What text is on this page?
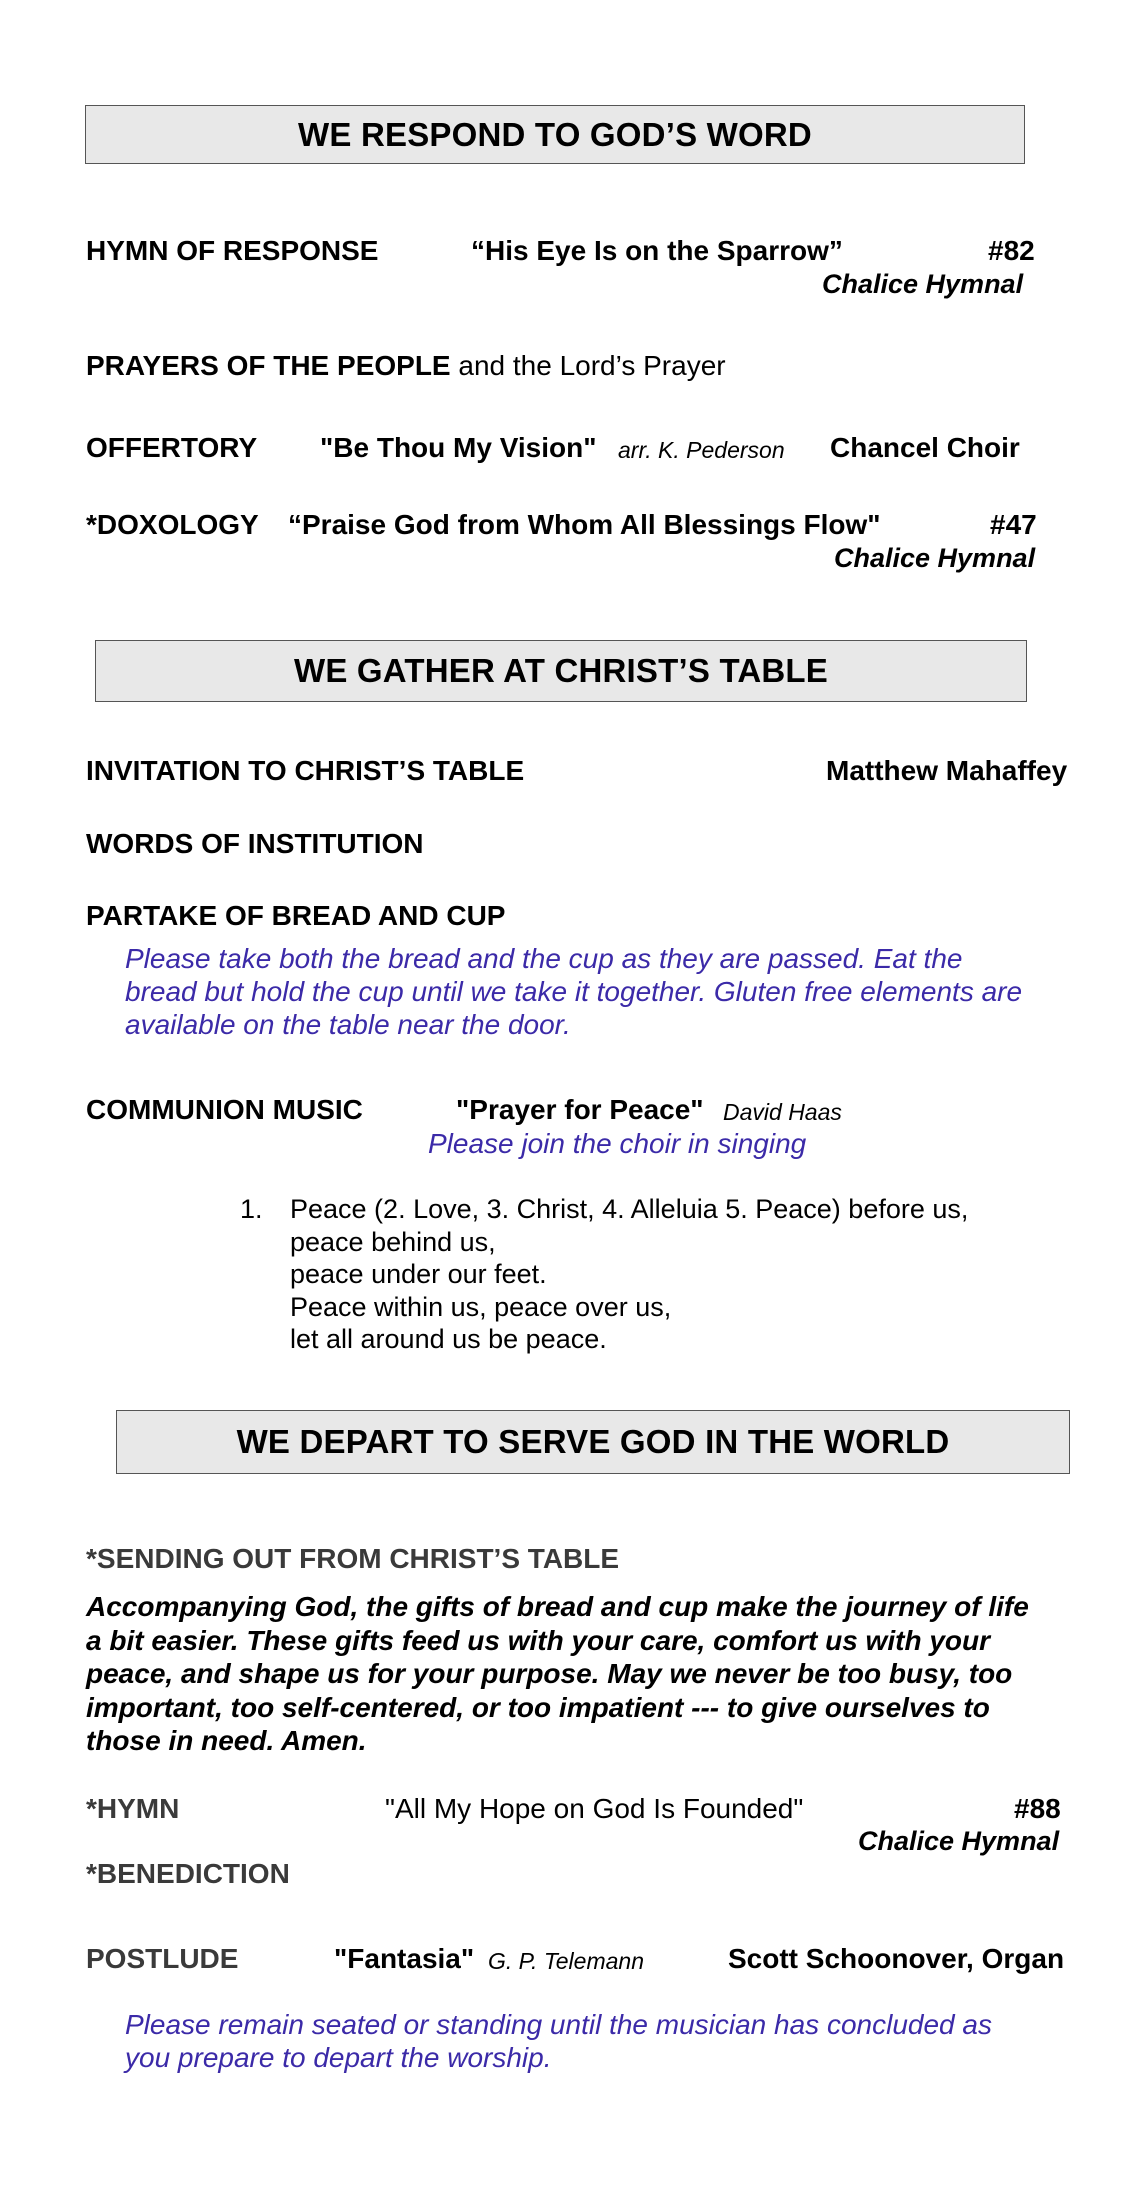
WE RESPOND TO GOD’S WORD
HYMN OF RESPONSE	“His Eye Is on the Sparrow”	#82
Chalice Hymnal
PRAYERS OF THE PEOPLE and the Lord’s Prayer
OFFERTORY "Be Thou My Vision" arr. K. Pederson Chancel Choir
*DOXOLOGY “Praise God from Whom All Blessings Flow"	#47
Chalice Hymnal
WE GATHER AT CHRIST’S TABLE
INVITATION TO CHRIST’S TABLE	Matthew Mahaffey
WORDS OF INSTITUTION
PARTAKE OF BREAD AND CUP
Please take both the bread and the cup as they are passed. Eat the
bread but hold the cup until we take it together. Gluten free elements are
available on the table near the door.
COMMUNION MUSIC	"Prayer for Peace" David Haas
Please join the choir in singing
1. Peace (2. Love, 3. Christ, 4. Alleluia 5. Peace) before us,
peace behind us,
peace under our feet.
Peace within us, peace over us,
let all around us be peace.
WE DEPART TO SERVE GOD IN THE WORLD
*SENDING OUT FROM CHRIST’S TABLE
Accompanying God, the gifts of bread and cup make the journey of life
a bit easier. These gifts feed us with your care, comfort us with your
peace, and shape us for your purpose. May we never be too busy, too
important, too self-centered, or too impatient --- to give ourselves to
those in need. Amen.
*HYMN	"All My Hope on God Is Founded"	#88
Chalice Hymnal
*BENEDICTION
POSTLUDE	"Fantasia" G. P. Telemann	Scott Schoonover, Organ
Please remain seated or standing until the musician has concluded as
you prepare to depart the worship.
